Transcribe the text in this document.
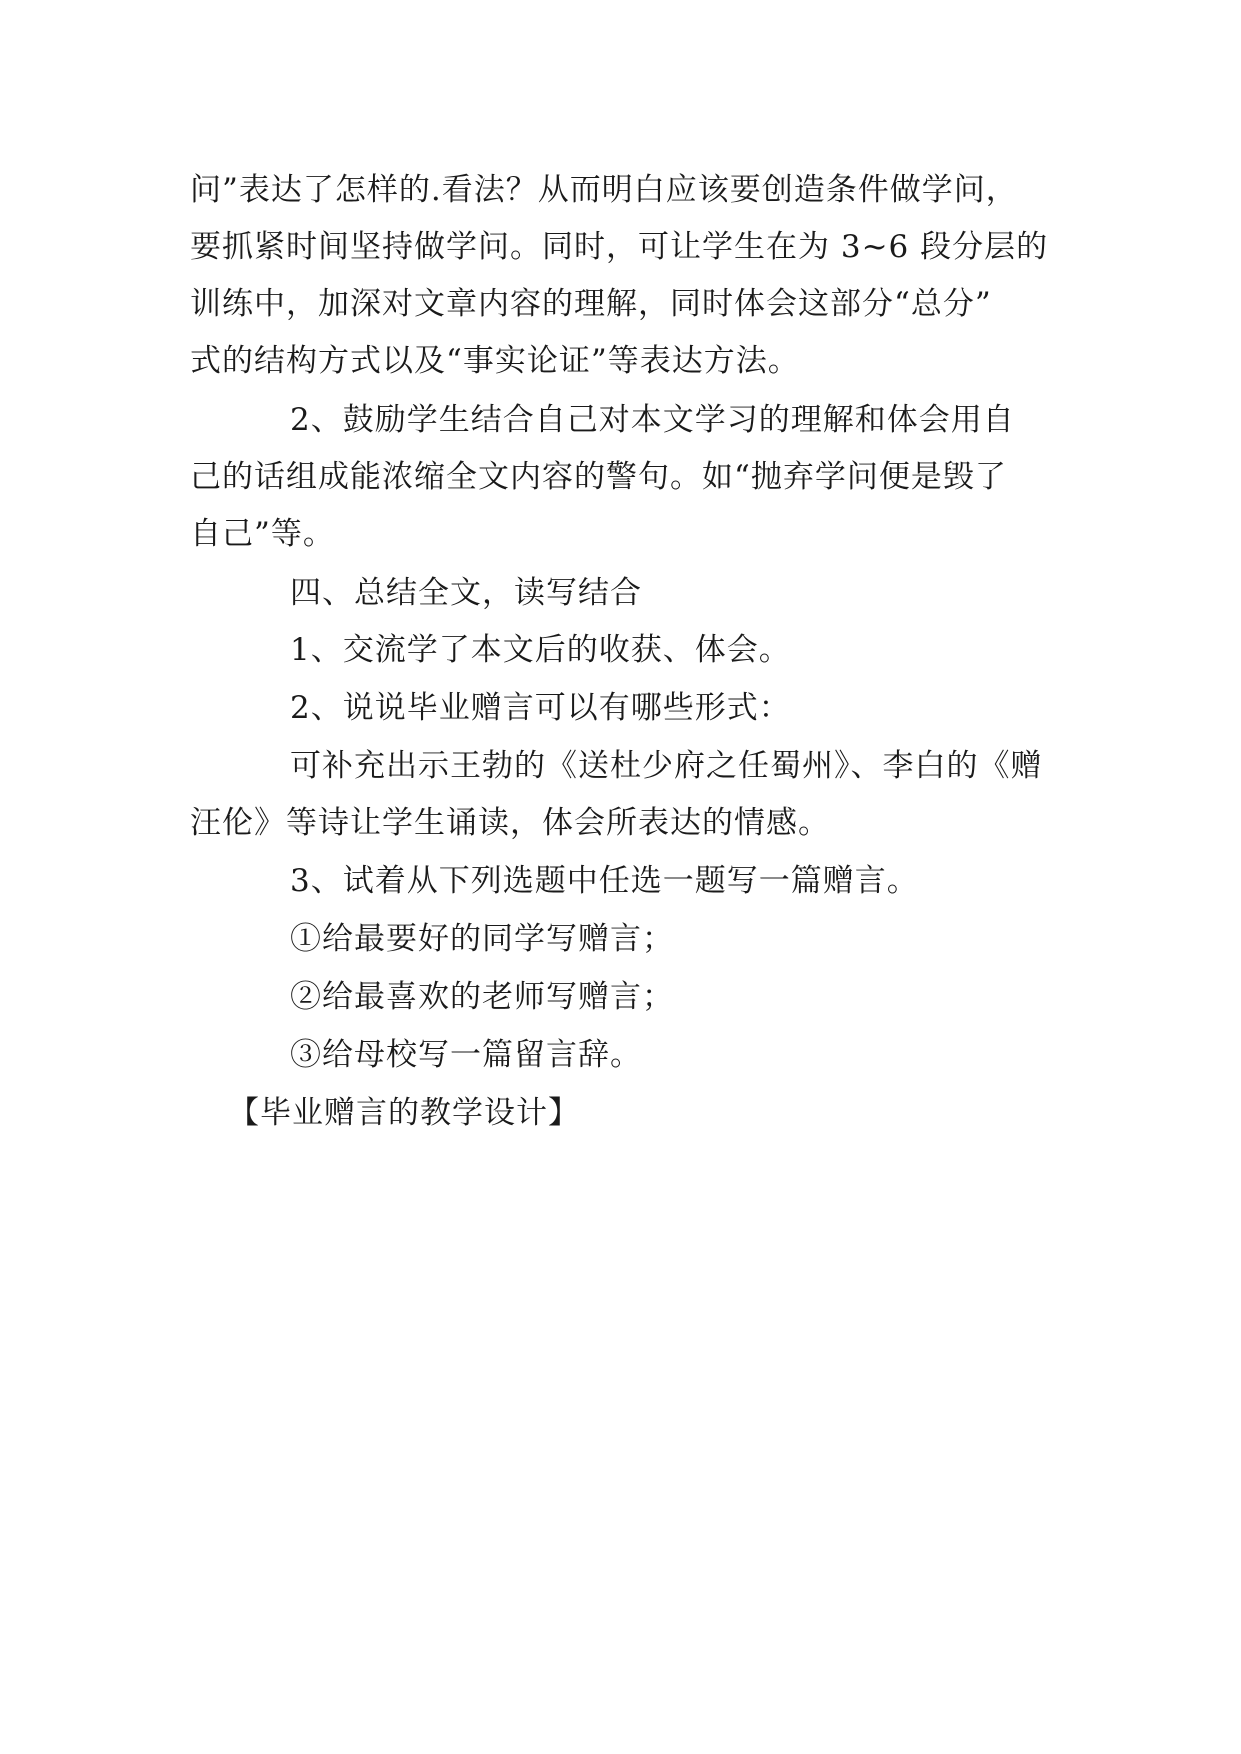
问”表达了怎样的.看法？从而明白应该要创造条件做学问，
要抓紧时间坚持做学问。同时，可让学生在为 3~6 段分层的
训练中，加深对文章内容的理解，同时体会这部分“总分”
式的结构方式以及“事实论证”等表达方法。
2、鼓励学生结合自己对本文学习的理解和体会用自
己的话组成能浓缩全文内容的警句。如“抛弃学问便是毁了
自己”等。
四、总结全文，读写结合
1、交流学了本文后的收获、体会。
2、说说毕业赠言可以有哪些形式：
可补充出示王勃的《送杜少府之任蜀州》、李白的《赠
汪伦》等诗让学生诵读，体会所表达的情感。
3、试着从下列选题中任选一题写一篇赠言。
①给最要好的同学写赠言；
②给最喜欢的老师写赠言；
③给母校写一篇留言辞。
【毕业赠言的教学设计】
